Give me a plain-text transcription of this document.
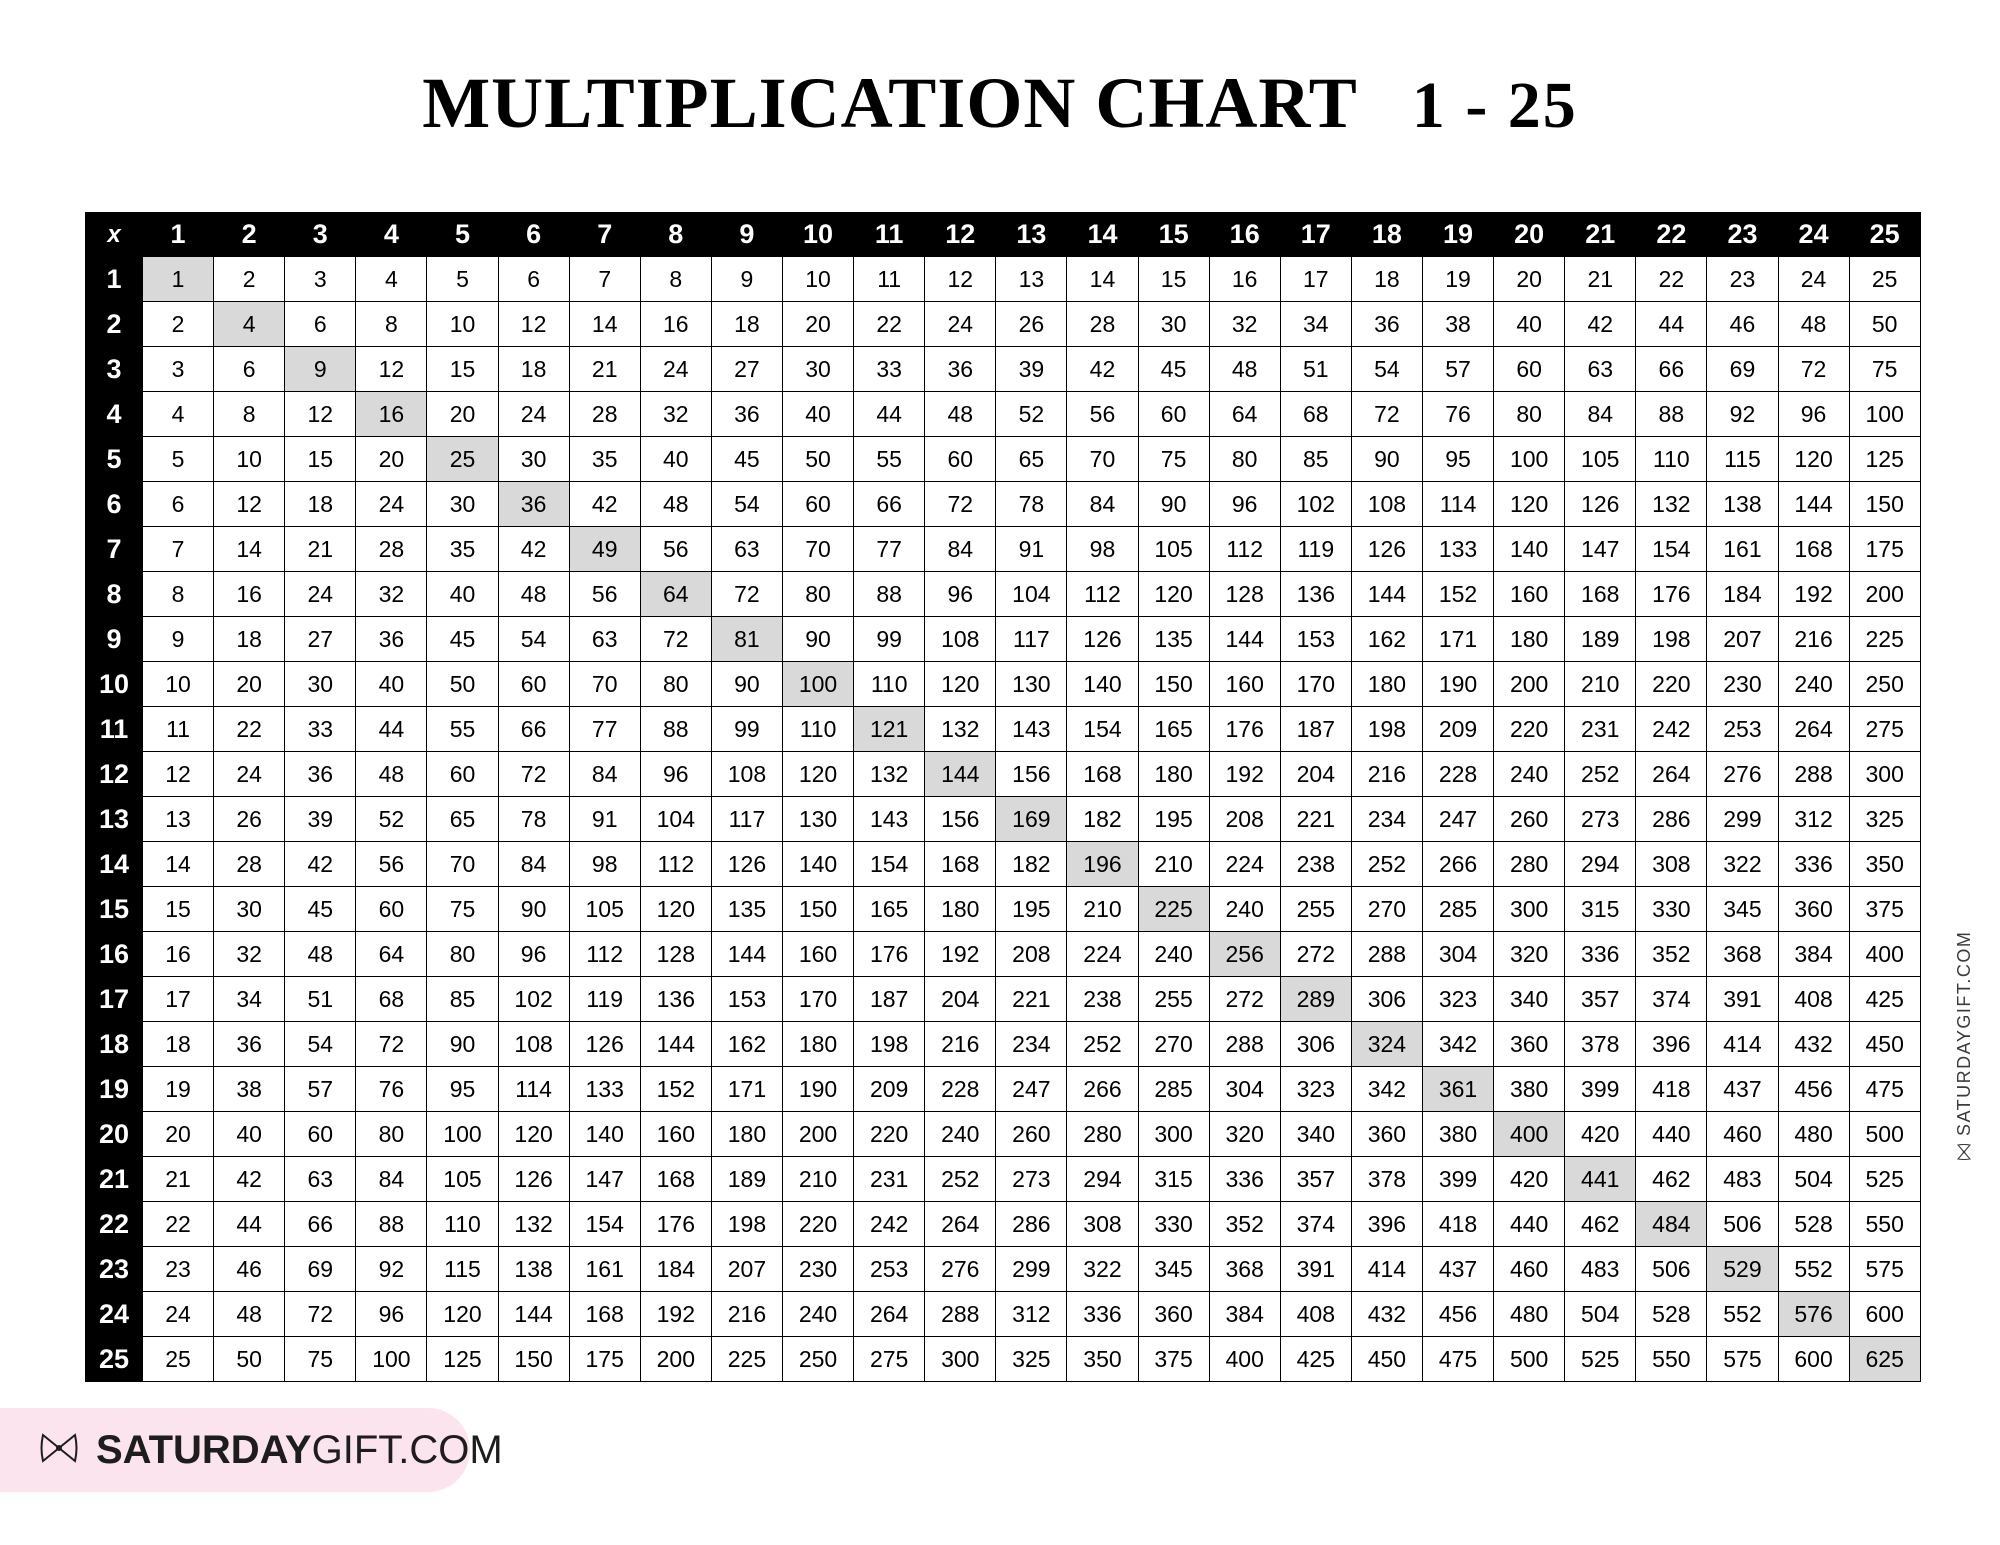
MULTIPLICATION CHART 1 - 25
x	1	2	3	4	5	6	7	8	9	10	11	12	13	14	15	16	17	18	19	20	21	22	23	24	25
1	1	2	3	4	5	6	7	8	9	10	11	12	13	14	15	16	17	18	19	20	21	22	23	24	25
2	2	4	6	8	10	12	14	16	18	20	22	24	26	28	30	32	34	36	38	40	42	44	46	48	50
3	3	6	9	12	15	18	21	24	27	30	33	36	39	42	45	48	51	54	57	60	63	66	69	72	75
4	4	8	12	16	20	24	28	32	36	40	44	48	52	56	60	64	68	72	76	80	84	88	92	96	100
5	5	10	15	20	25	30	35	40	45	50	55	60	65	70	75	80	85	90	95	100	105	110	115	120	125
6	6	12	18	24	30	36	42	48	54	60	66	72	78	84	90	96	102	108	114	120	126	132	138	144	150
7	7	14	21	28	35	42	49	56	63	70	77	84	91	98	105	112	119	126	133	140	147	154	161	168	175
8	8	16	24	32	40	48	56	64	72	80	88	96	104	112	120	128	136	144	152	160	168	176	184	192	200
9	9	18	27	36	45	54	63	72	81	90	99	108	117	126	135	144	153	162	171	180	189	198	207	216	225
10	10	20	30	40	50	60	70	80	90	100	110	120	130	140	150	160	170	180	190	200	210	220	230	240	250
11	11	22	33	44	55	66	77	88	99	110	121	132	143	154	165	176	187	198	209	220	231	242	253	264	275
12	12	24	36	48	60	72	84	96	108	120	132	144	156	168	180	192	204	216	228	240	252	264	276	288	300
13	13	26	39	52	65	78	91	104	117	130	143	156	169	182	195	208	221	234	247	260	273	286	299	312	325
14	14	28	42	56	70	84	98	112	126	140	154	168	182	196	210	224	238	252	266	280	294	308	322	336	350
15	15	30	45	60	75	90	105	120	135	150	165	180	195	210	225	240	255	270	285	300	315	330	345	360	375
16	16	32	48	64	80	96	112	128	144	160	176	192	208	224	240	256	272	288	304	320	336	352	368	384	400
17	17	34	51	68	85	102	119	136	153	170	187	204	221	238	255	272	289	306	323	340	357	374	391	408	425
18	18	36	54	72	90	108	126	144	162	180	198	216	234	252	270	288	306	324	342	360	378	396	414	432	450
19	19	38	57	76	95	114	133	152	171	190	209	228	247	266	285	304	323	342	361	380	399	418	437	456	475
20	20	40	60	80	100	120	140	160	180	200	220	240	260	280	300	320	340	360	380	400	420	440	460	480	500
21	21	42	63	84	105	126	147	168	189	210	231	252	273	294	315	336	357	378	399	420	441	462	483	504	525
22	22	44	66	88	110	132	154	176	198	220	242	264	286	308	330	352	374	396	418	440	462	484	506	528	550
23	23	46	69	92	115	138	161	184	207	230	253	276	299	322	345	368	391	414	437	460	483	506	529	552	575
24	24	48	72	96	120	144	168	192	216	240	264	288	312	336	360	384	408	432	456	480	504	528	552	576	600
25	25	50	75	100	125	150	175	200	225	250	275	300	325	350	375	400	425	450	475	500	525	550	575	600	625
SATURDAYGIFT.COM
SATURDAYGIFT.COM
